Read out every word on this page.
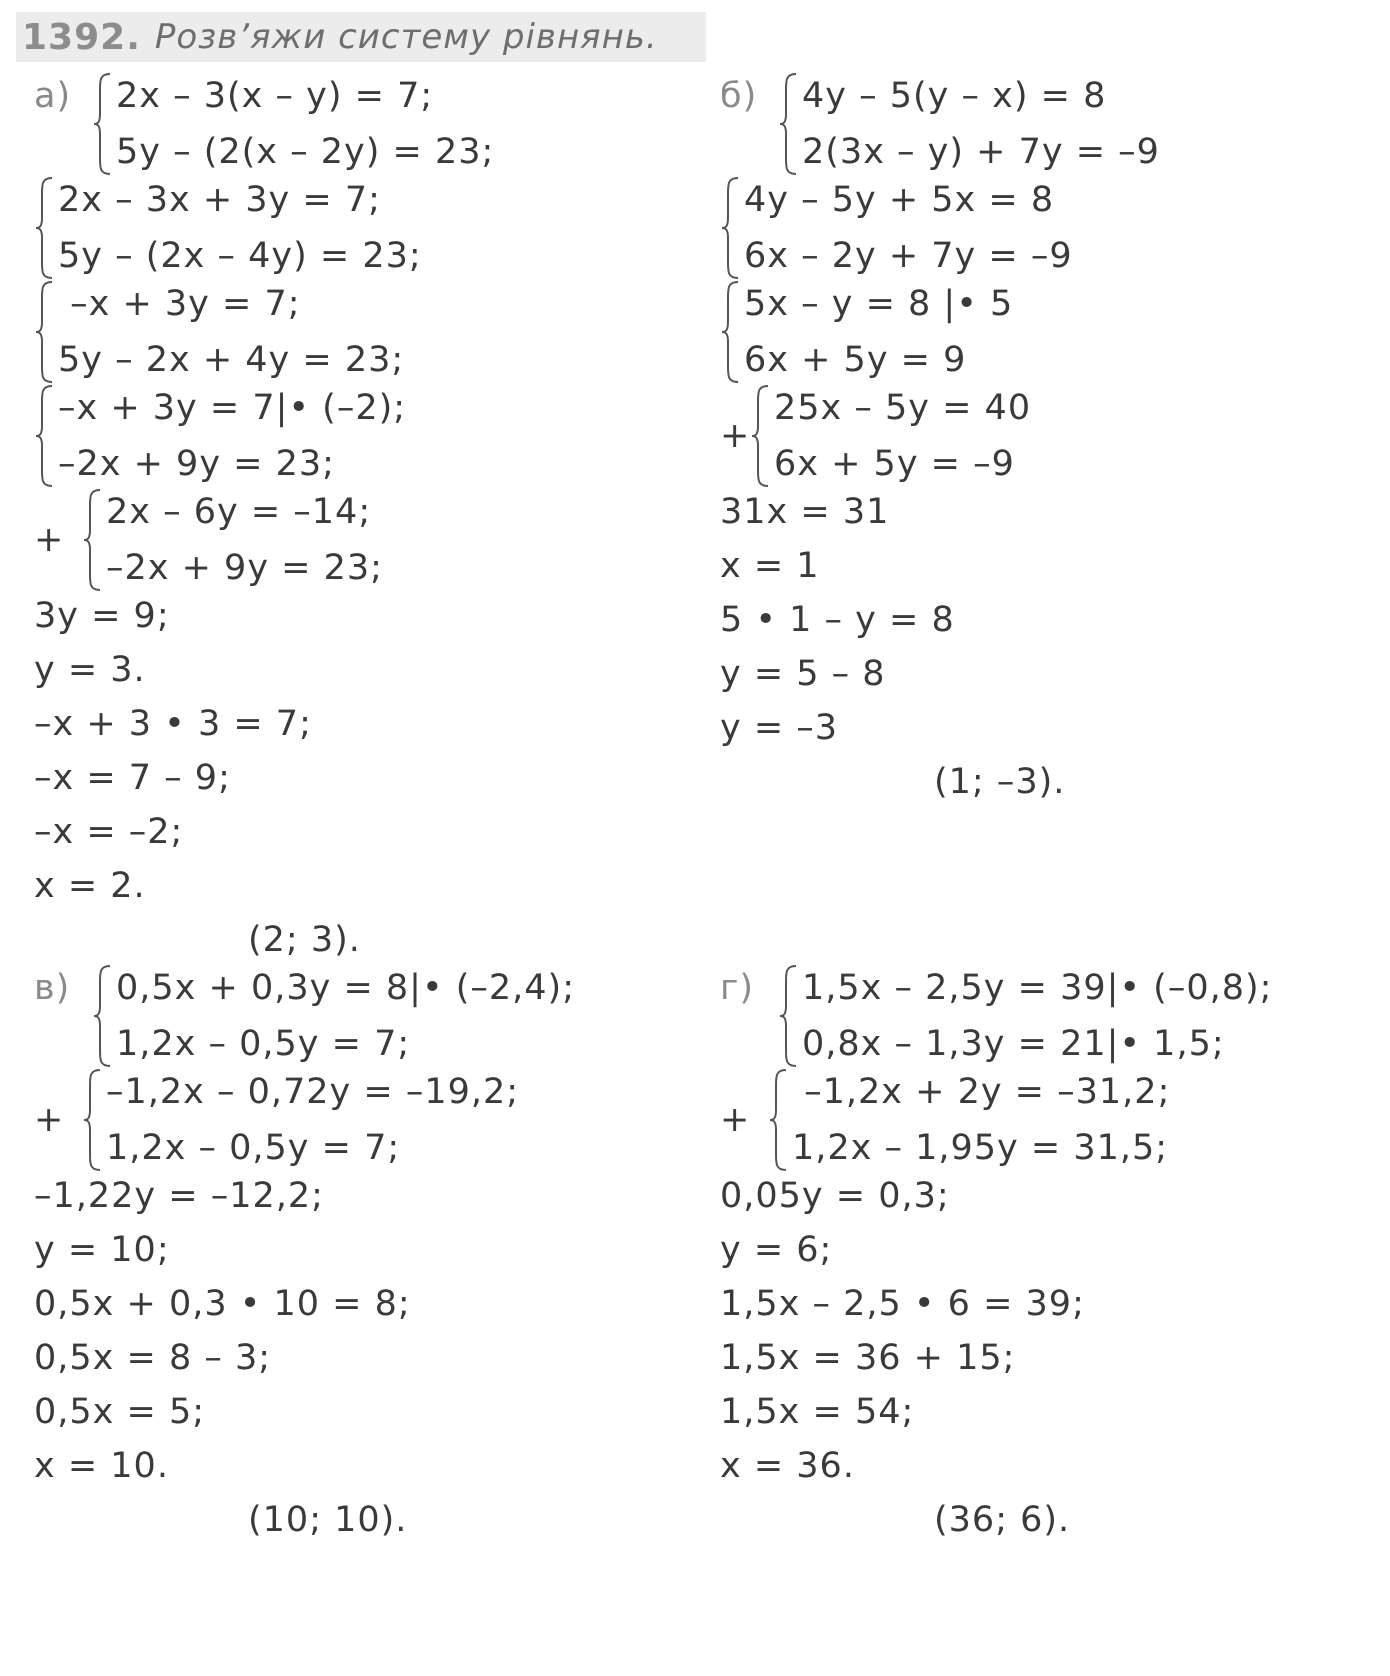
1392. Розв’яжи систему рівнянь.
а)	2x – 3(x – y) = 7;
5y – (2(x – 2y) = 23;
2x – 3x + 3y = 7;
5y – (2x – 4y) = 23;
–x + 3y = 7;
5y – 2x + 4y = 23;
–x + 3y = 7|• (–2);
–2x + 9y = 23;
+
2x – 6y = –14;
–2x + 9y = 23;
3y = 9;
y = 3.
–x + 3 • 3 = 7;
–x = 7 – 9;
–x = –2;
x = 2.
(2; 3).
б)	4y – 5(y – x) = 8
2(3x – y) + 7y = –9
4y – 5y + 5x = 8
6x – 2y + 7y = –9
5x – y = 8 |• 5
6x + 5y = 9
+
25x – 5y = 40
6x + 5y = –9
31x = 31
x = 1
5 • 1 – y = 8
y = 5 – 8
y = –3
(1; –3).
в)	0,5x + 0,3y = 8|• (–2,4);
1,2x – 0,5y = 7;
+
–1,2x – 0,72y = –19,2;
1,2x – 0,5y = 7;
–1,22y = –12,2;
y = 10;
0,5x + 0,3 • 10 = 8;
0,5x = 8 – 3;
0,5x = 5;
x = 10.
(10; 10).
г)	1,5x – 2,5y = 39|• (–0,8);
0,8x – 1,3y = 21|• 1,5;
+
–1,2x + 2y = –31,2;
1,2x – 1,95y = 31,5;
0,05y = 0,3;
y = 6;
1,5x – 2,5 • 6 = 39;
1,5x = 36 + 15;
1,5x = 54;
x = 36.
(36; 6).
